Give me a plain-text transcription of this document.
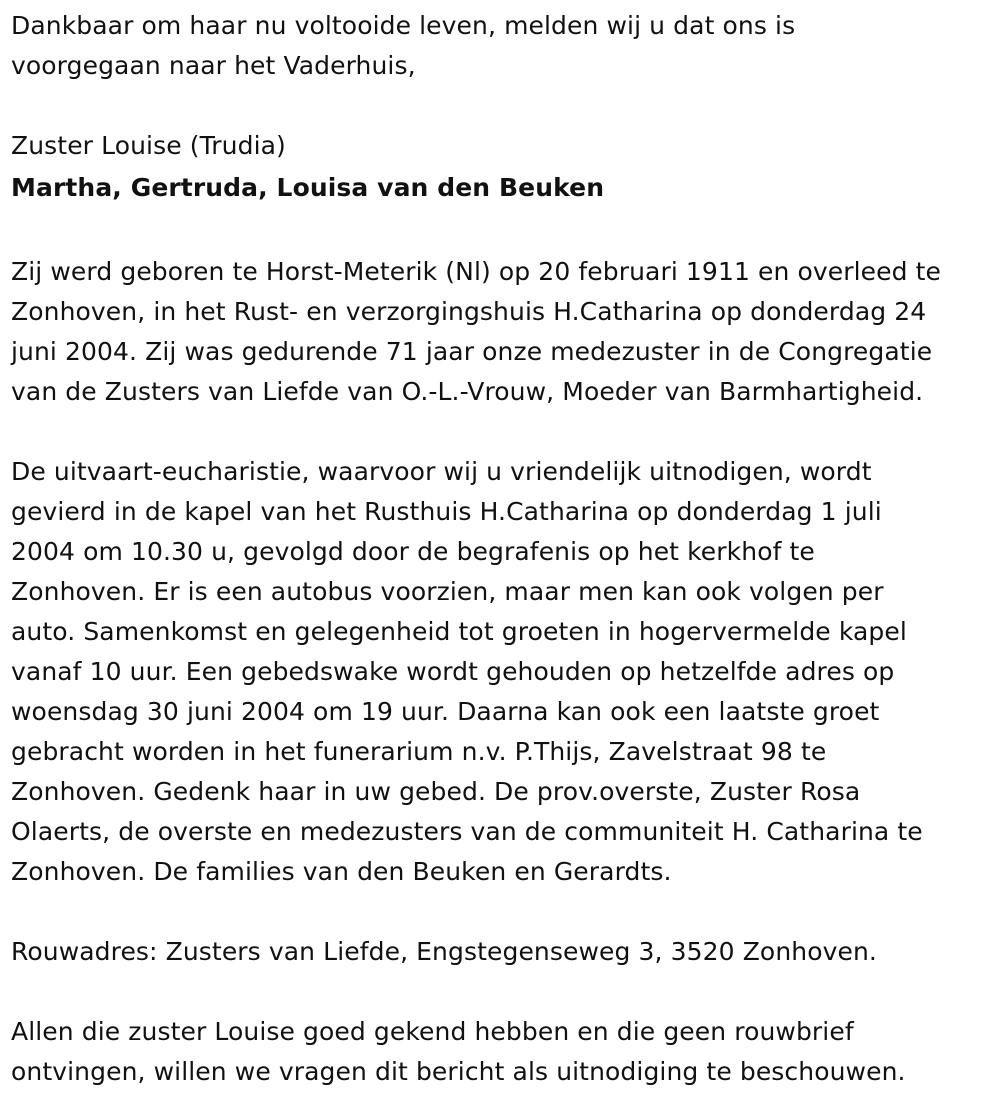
Dankbaar om haar nu voltooide leven, melden wij u dat ons is
voorgegaan naar het Vaderhuis,

Zuster Louise (Trudia)

Martha, Gertruda, Louisa van den Beuken

Zij werd geboren te Horst-Meterik (Nl) op 20 februari 1911 en overleed te
Zonhoven, in het Rust- en verzorgingshuis H.Catharina op donderdag 24
juni 2004. Zij was gedurende 71 jaar onze medezuster in de Congregatie
van de Zusters van Liefde van O.-L.-Vrouw, Moeder van Barmhartigheid.

De uitvaart-eucharistie, waarvoor wij u vriendelijk uitnodigen, wordt
gevierd in de kapel van het Rusthuis H.Catharina op donderdag 1 juli
2004 om 10.30 u, gevolgd door de begrafenis op het kerkhof te
Zonhoven. Er is een autobus voorzien, maar men kan ook volgen per
auto. Samenkomst en gelegenheid tot groeten in hogervermelde kapel
vanaf 10 uur. Een gebedswake wordt gehouden op hetzelfde adres op
woensdag 30 juni 2004 om 19 uur. Daarna kan ook een laatste groet
gebracht worden in het funerarium n.v. P.Thijs, Zavelstraat 98 te
Zonhoven. Gedenk haar in uw gebed. De prov.overste, Zuster Rosa
Olaerts, de overste en medezusters van de communiteit H. Catharina te
Zonhoven. De families van den Beuken en Gerardts.

Rouwadres: Zusters van Liefde, Engstegenseweg 3, 3520 Zonhoven.

Allen die zuster Louise goed gekend hebben en die geen rouwbrief
ontvingen, willen we vragen dit bericht als uitnodiging te beschouwen.
